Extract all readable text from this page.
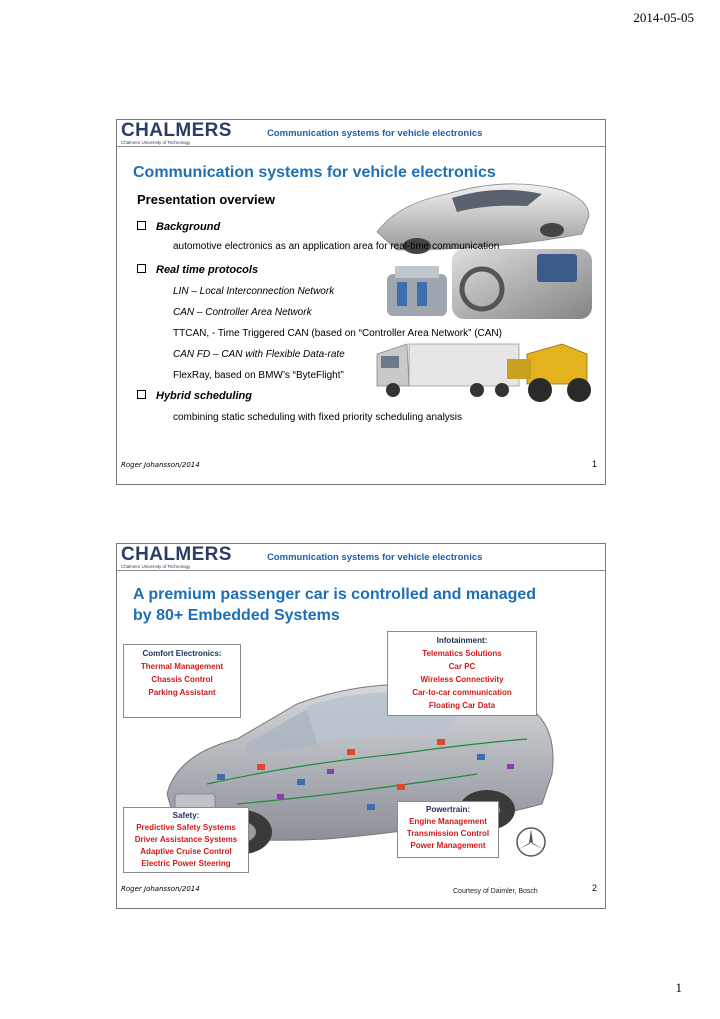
2014-05-05
CHALMERS
Chalmers University of Technology
Communication systems for vehicle electronics
Communication systems for vehicle electronics
Presentation overview
Background
automotive electronics as an application area for real-time communication
Real time protocols
LIN – Local Interconnection Network
CAN – Controller Area Network
TTCAN, - Time Triggered CAN (based on “Controller Area Network” (CAN)
CAN FD – CAN with Flexible Data-rate
FlexRay, based on BMW’s “ByteFlight”
Hybrid scheduling
combining static scheduling with fixed priority scheduling analysis
Roger Johansson/2014	1
CHALMERS
Chalmers University of Technology
Communication systems for vehicle electronics
A premium passenger car is controlled and managed by 80+ Embedded Systems
Comfort Electronics:
Thermal Management
Chassis Control
Parking Assistant
Infotainment:
Telematics Solutions
Car PC
Wireless Connectivity
Car-to-car communication
Floating Car Data
Safety:
Predictive Safety Systems
Driver Assistance Systems
Adaptive Cruise Control
Electric Power Steering
Powertrain:
Engine Management
Transmission Control
Power Management
Courtesy of Daimler, Bosch
Roger Johansson/2014	2
1
